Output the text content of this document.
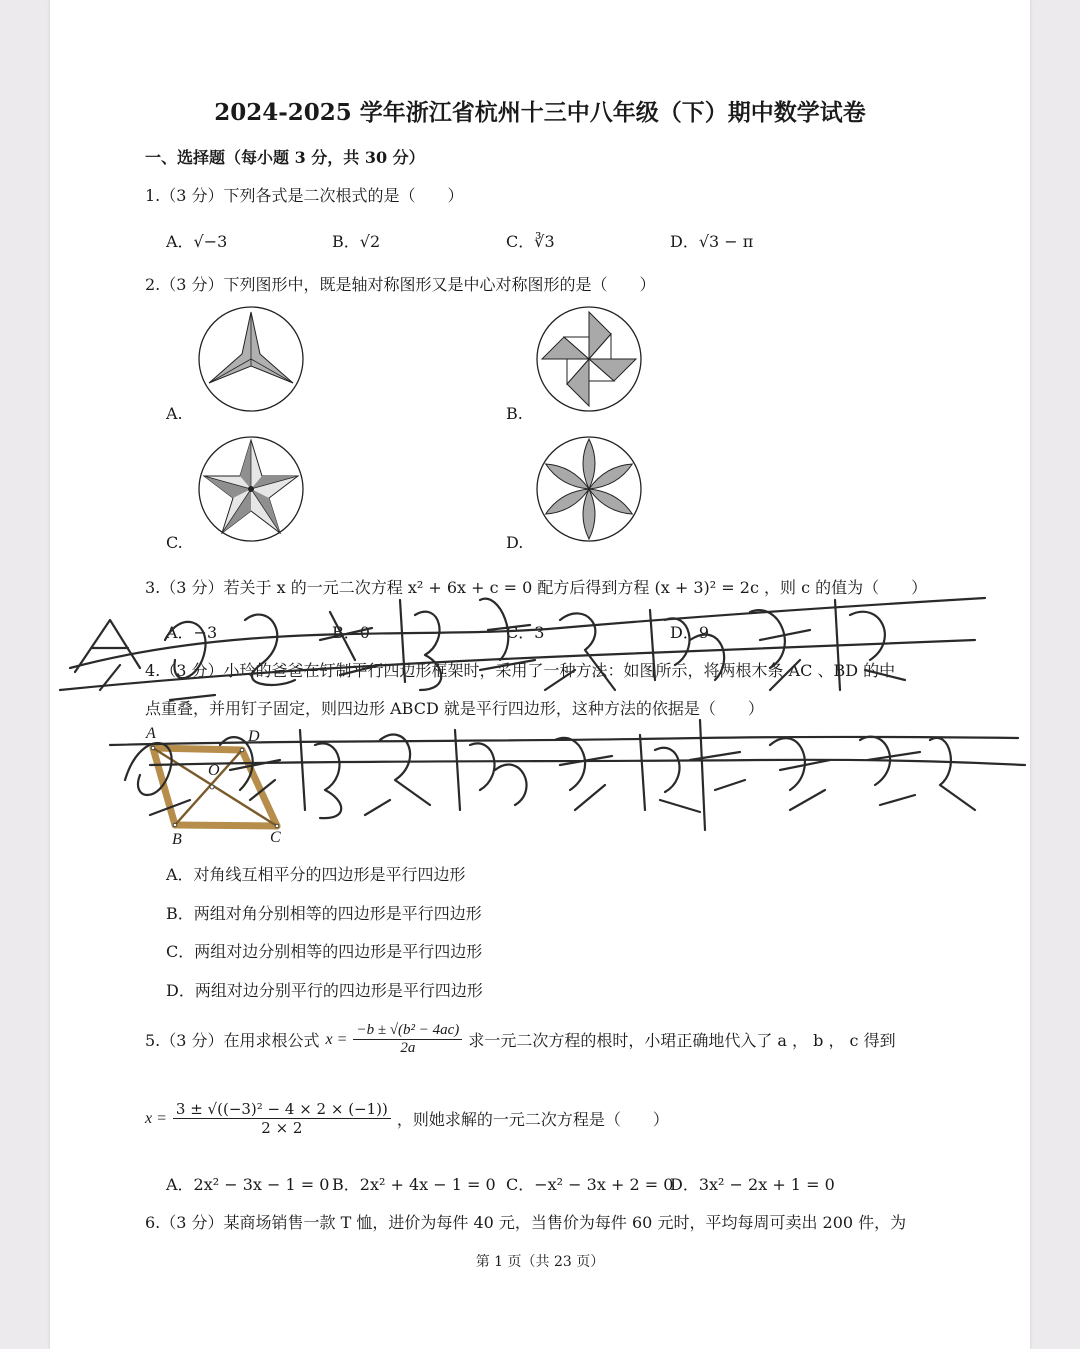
2024-2025 学年浙江省杭州十三中八年级（下）期中数学试卷
一、选择题（每小题 3 分，共 30 分）
1.（3 分）下列各式是二次根式的是（　　）
A．√−3	B．√2	C．∛3	D．√3 − π
2.（3 分）下列图形中，既是轴对称图形又是中心对称图形的是（　　）
A.	B.
C.	D.
3.（3 分）若关于 x 的一元二次方程 x² + 6x + c = 0 配方后得到方程 (x + 3)² = 2c ，则 c 的值为（　　）
A．−3	B．0	C．3	D．9
4.（3 分）小玲的爸爸在钉制平行四边形框架时，采用了一种方法：如图所示，将两根木条 AC 、BD 的中
点重叠，并用钉子固定，则四边形 ABCD 就是平行四边形，这种方法的依据是（　　）
A	D
O
B	C
A．对角线互相平分的四边形是平行四边形
B．两组对角分别相等的四边形是平行四边形
C．两组对边分别相等的四边形是平行四边形
D．两组对边分别平行的四边形是平行四边形
5.（3 分）在用求根公式 $x = \frac{\text{−b ± √(b² − 4ac)}}{2a}$ 求一元二次方程的根时，小珺正确地代入了 a ， b ， c 得到
$x = \frac{\text{3 ± √((−3)² − 4 × 2 × (−1))}}{2 \times 2}$ ，则她求解的一元二次方程是（　　）
A．2x² − 3x − 1 = 0 B．2x² + 4x − 1 = 0 C．−x² − 3x + 2 = 0
D．3x² − 2x + 1 = 0
6.（3 分）某商场销售一款 T 恤，进价为每件 40 元，当售价为每件 60 元时，平均每周可卖出 200 件，为
第 1 页（共 23 页）
